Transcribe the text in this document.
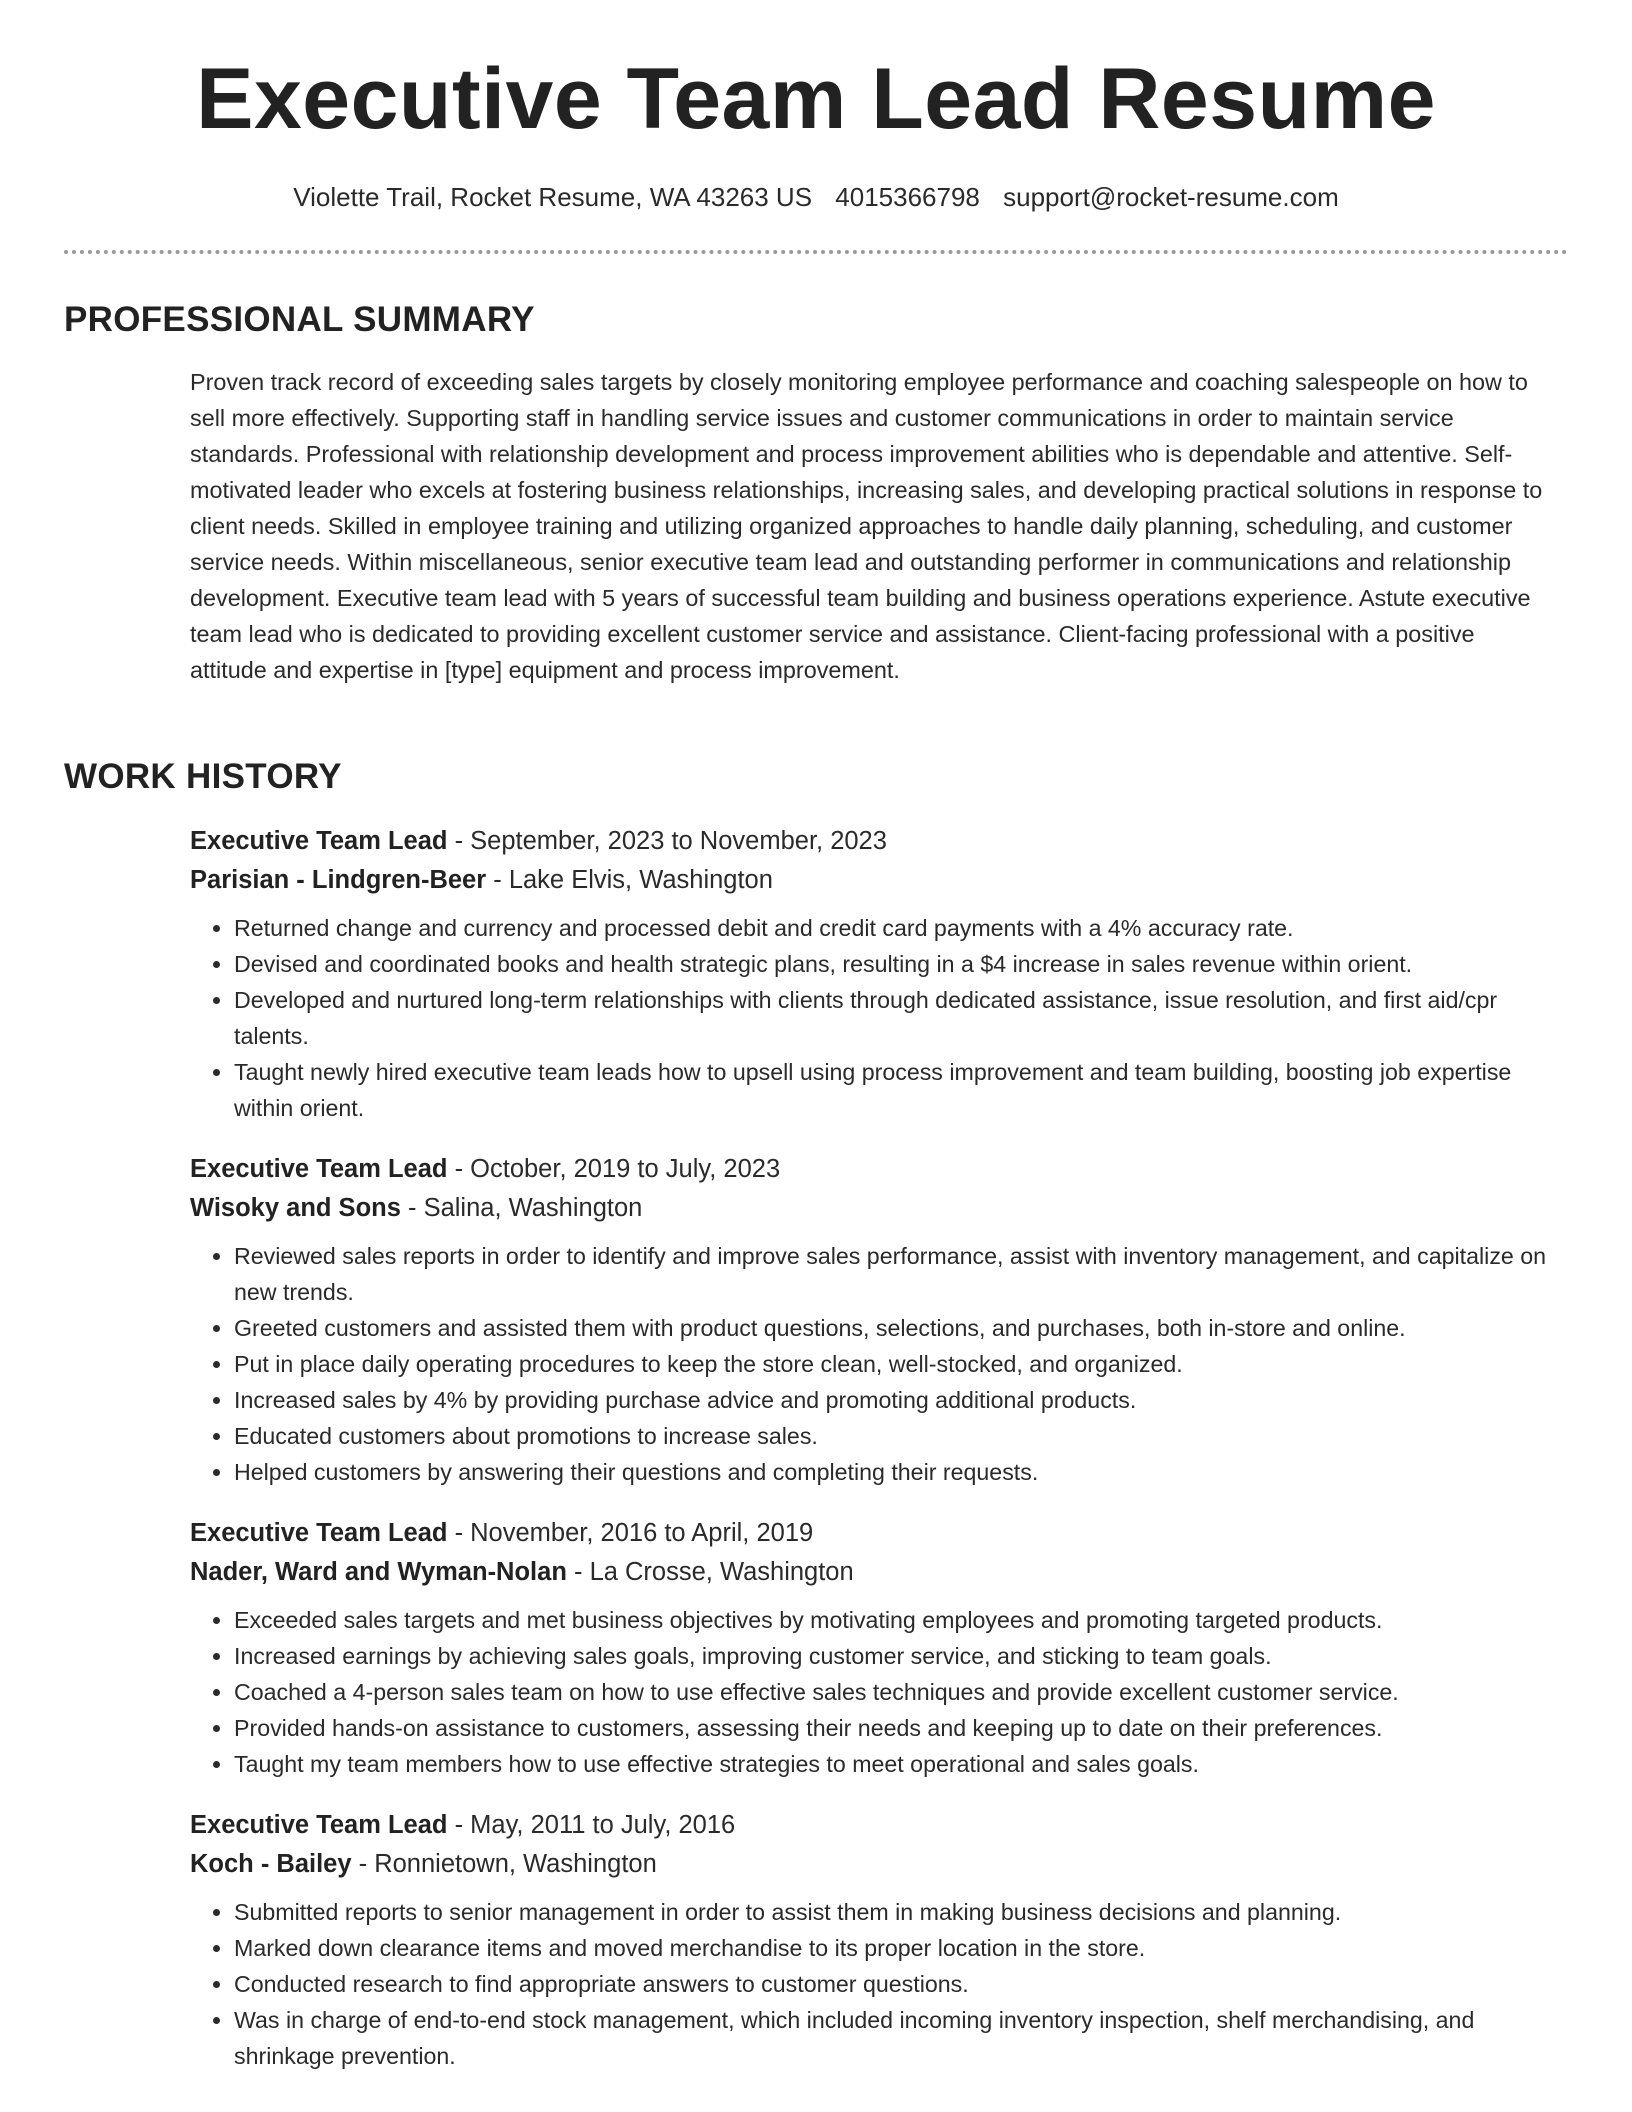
Executive Team Lead Resume
Violette Trail, Rocket Resume, WA 43263 US 4015366798 support@rocket-resume.com
PROFESSIONAL SUMMARY
Proven track record of exceeding sales targets by closely monitoring employee performance and coaching salespeople on how to sell more effectively. Supporting staff in handling service issues and customer communications in order to maintain service standards. Professional with relationship development and process improvement abilities who is dependable and attentive. Self-motivated leader who excels at fostering business relationships, increasing sales, and developing practical solutions in response to client needs. Skilled in employee training and utilizing organized approaches to handle daily planning, scheduling, and customer service needs. Within miscellaneous, senior executive team lead and outstanding performer in communications and relationship development. Executive team lead with 5 years of successful team building and business operations experience. Astute executive team lead who is dedicated to providing excellent customer service and assistance. Client-facing professional with a positive attitude and expertise in [type] equipment and process improvement.
WORK HISTORY
Executive Team Lead - September, 2023 to November, 2023
Parisian - Lindgren-Beer - Lake Elvis, Washington
• Returned change and currency and processed debit and credit card payments with a 4% accuracy rate.
• Devised and coordinated books and health strategic plans, resulting in a $4 increase in sales revenue within orient.
• Developed and nurtured long-term relationships with clients through dedicated assistance, issue resolution, and first aid/cpr talents.
• Taught newly hired executive team leads how to upsell using process improvement and team building, boosting job expertise within orient.
Executive Team Lead - October, 2019 to July, 2023
Wisoky and Sons - Salina, Washington
• Reviewed sales reports in order to identify and improve sales performance, assist with inventory management, and capitalize on new trends.
• Greeted customers and assisted them with product questions, selections, and purchases, both in-store and online.
• Put in place daily operating procedures to keep the store clean, well-stocked, and organized.
• Increased sales by 4% by providing purchase advice and promoting additional products.
• Educated customers about promotions to increase sales.
• Helped customers by answering their questions and completing their requests.
Executive Team Lead - November, 2016 to April, 2019
Nader, Ward and Wyman-Nolan - La Crosse, Washington
• Exceeded sales targets and met business objectives by motivating employees and promoting targeted products.
• Increased earnings by achieving sales goals, improving customer service, and sticking to team goals.
• Coached a 4-person sales team on how to use effective sales techniques and provide excellent customer service.
• Provided hands-on assistance to customers, assessing their needs and keeping up to date on their preferences.
• Taught my team members how to use effective strategies to meet operational and sales goals.
Executive Team Lead - May, 2011 to July, 2016
Koch - Bailey - Ronnietown, Washington
• Submitted reports to senior management in order to assist them in making business decisions and planning.
• Marked down clearance items and moved merchandise to its proper location in the store.
• Conducted research to find appropriate answers to customer questions.
• Was in charge of end-to-end stock management, which included incoming inventory inspection, shelf merchandising, and shrinkage prevention.
